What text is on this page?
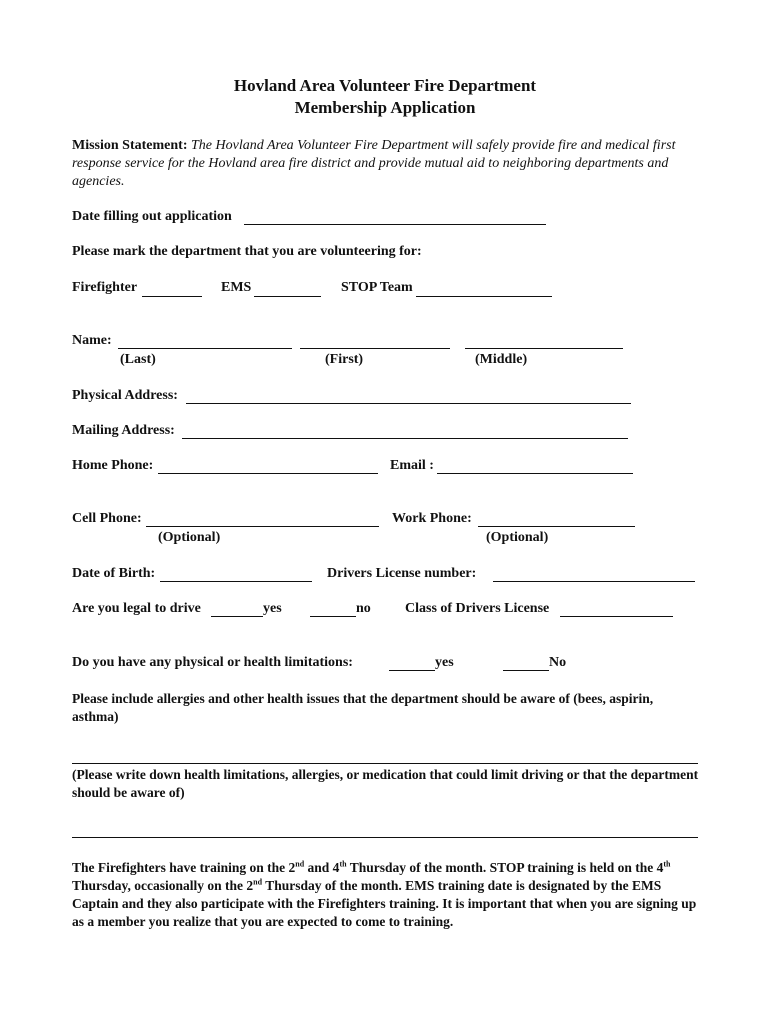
Hovland Area Volunteer Fire Department
Membership Application
Mission Statement: The Hovland Area Volunteer Fire Department will safely provide fire and medical first response service for the Hovland area fire district and provide mutual aid to neighboring departments and agencies.
Date filling out application
Please mark the department that you are volunteering for:
Firefighter	EMS	STOP Team
Name:
(Last)	(First)	(Middle)
Physical Address:
Mailing Address:
Home Phone:	Email :
Cell Phone:
(Optional)
Work Phone:
(Optional)
Date of Birth:	Drivers License number:
Are you legal to drive	yes	no Class of Drivers License
Do you have any physical or health limitations:	yes	No
Please include allergies and other health issues that the department should be aware of (bees, aspirin, asthma)
(Please write down health limitations, allergies, or medication that could limit driving or that the department should be aware of)
The Firefighters have training on the 2nd and 4th Thursday of the month. STOP training is held on the 4th Thursday, occasionally on the 2nd Thursday of the month. EMS training date is designated by the EMS Captain and they also participate with the Firefighters training. It is important that when you are signing up as a member you realize that you are expected to come to training.
